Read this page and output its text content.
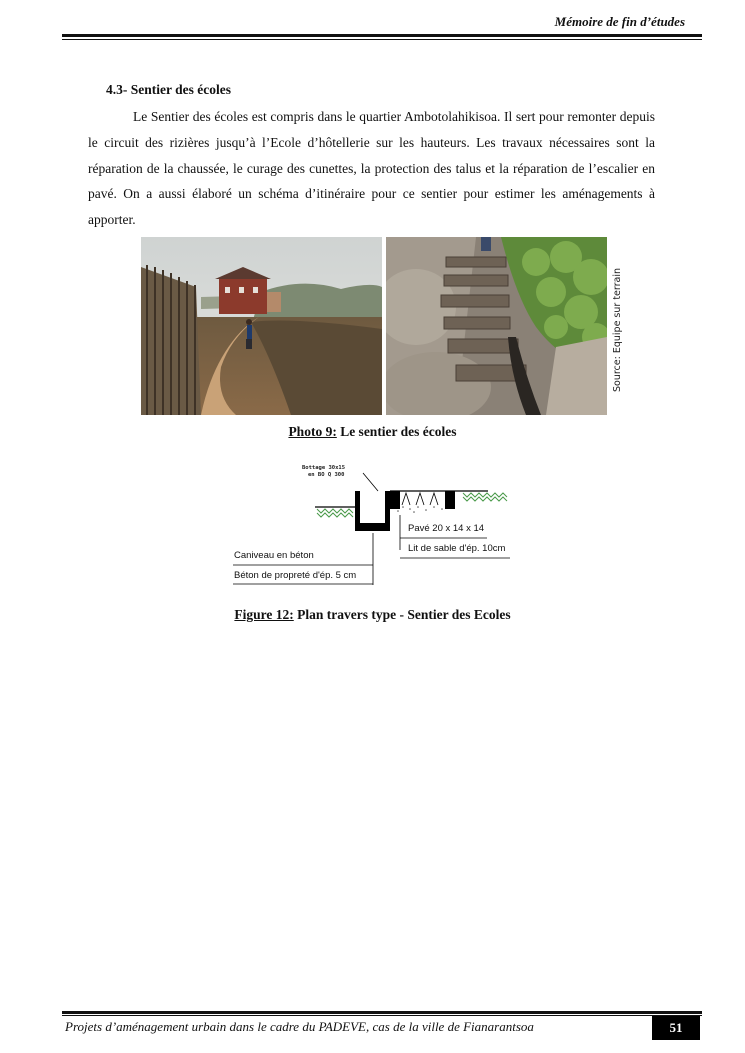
Mémoire de fin d’études
4.3- Sentier des écoles

Le Sentier des écoles est compris dans le quartier Ambotolahikisoa. Il sert pour remonter depuis le circuit des rizières jusqu’à l’Ecole d’hôtellerie sur les hauteurs. Les travaux nécessaires sont la réparation de la chaussée, le curage des cunettes, la protection des talus et la réparation de l’escalier en pavé. On a aussi élaboré un schéma d’itinéraire pour ce sentier pour estimer les aménagements à apporter.

Source: Equipe sur terrain
Photo 9: Le sentier des écoles
Bottage 30x15
en BO Q 300
Pavé 20 x 14 x 14
Lit de sable d'ép. 10cm
Caniveau en béton
Béton de propreté d'ép. 5 cm
Figure 12: Plan travers type - Sentier des Ecoles
Projets d’aménagement urbain dans le cadre du PADEVE, cas de la ville de Fianarantsoa	51
